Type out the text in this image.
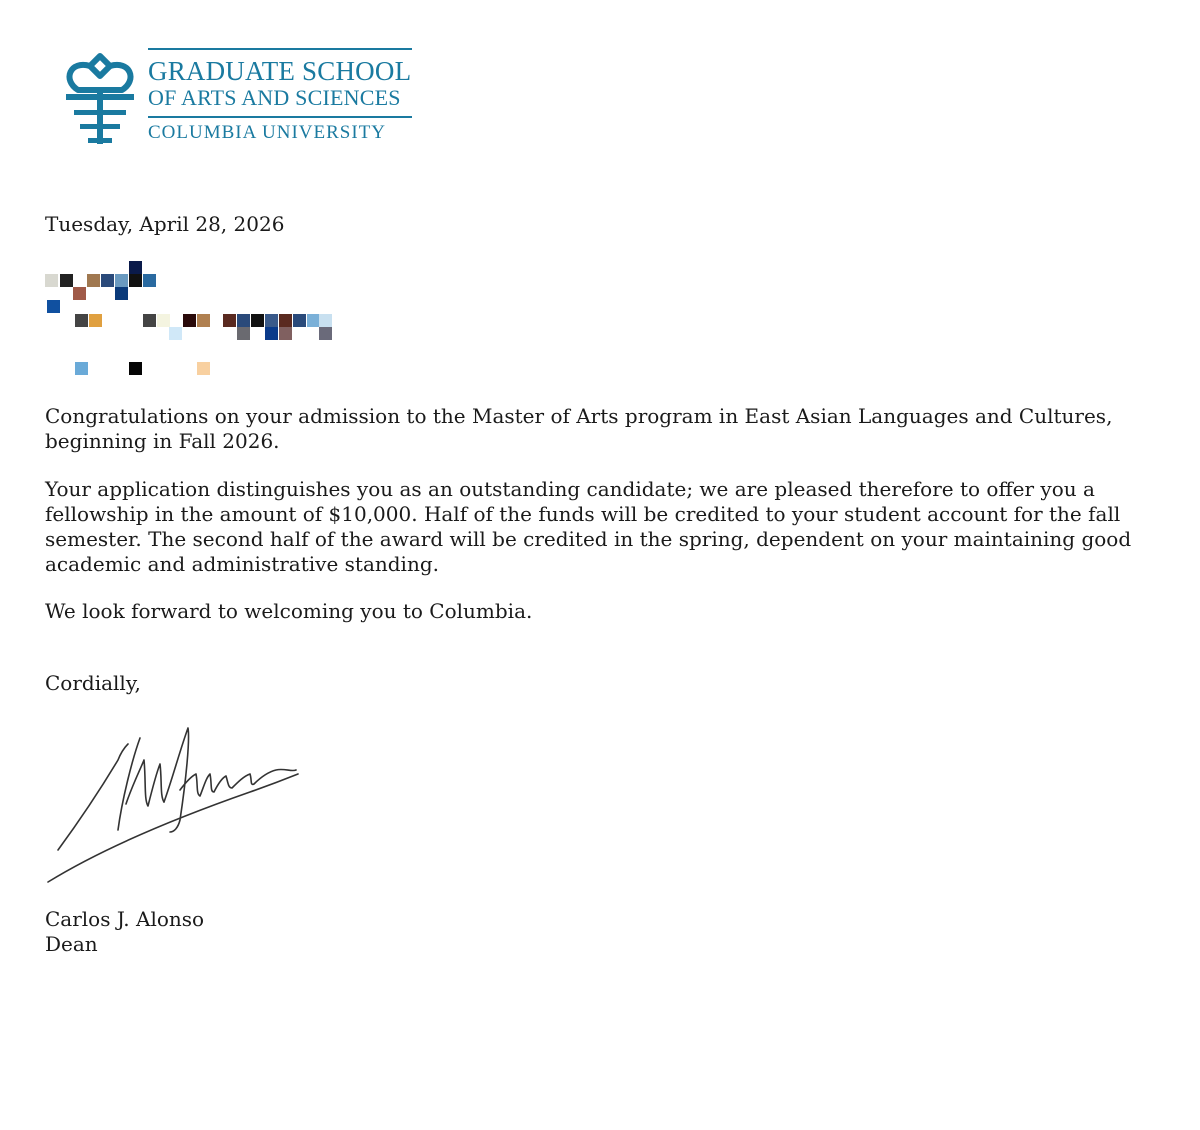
GRADUATE SCHOOL
OF ARTS AND SCIENCES
COLUMBIA UNIVERSITY
Tuesday, April 28, 2026
Congratulations on your admission to the Master of Arts program in East Asian Languages and Cultures, beginning in Fall 2026.
Your application distinguishes you as an outstanding candidate; we are pleased therefore to offer you a fellowship in the amount of $10,000. Half of the funds will be credited to your student account for the fall semester. The second half of the award will be credited in the spring, dependent on your maintaining good academic and administrative standing.
We look forward to welcoming you to Columbia.
Cordially,
Carlos J. Alonso
Dean
